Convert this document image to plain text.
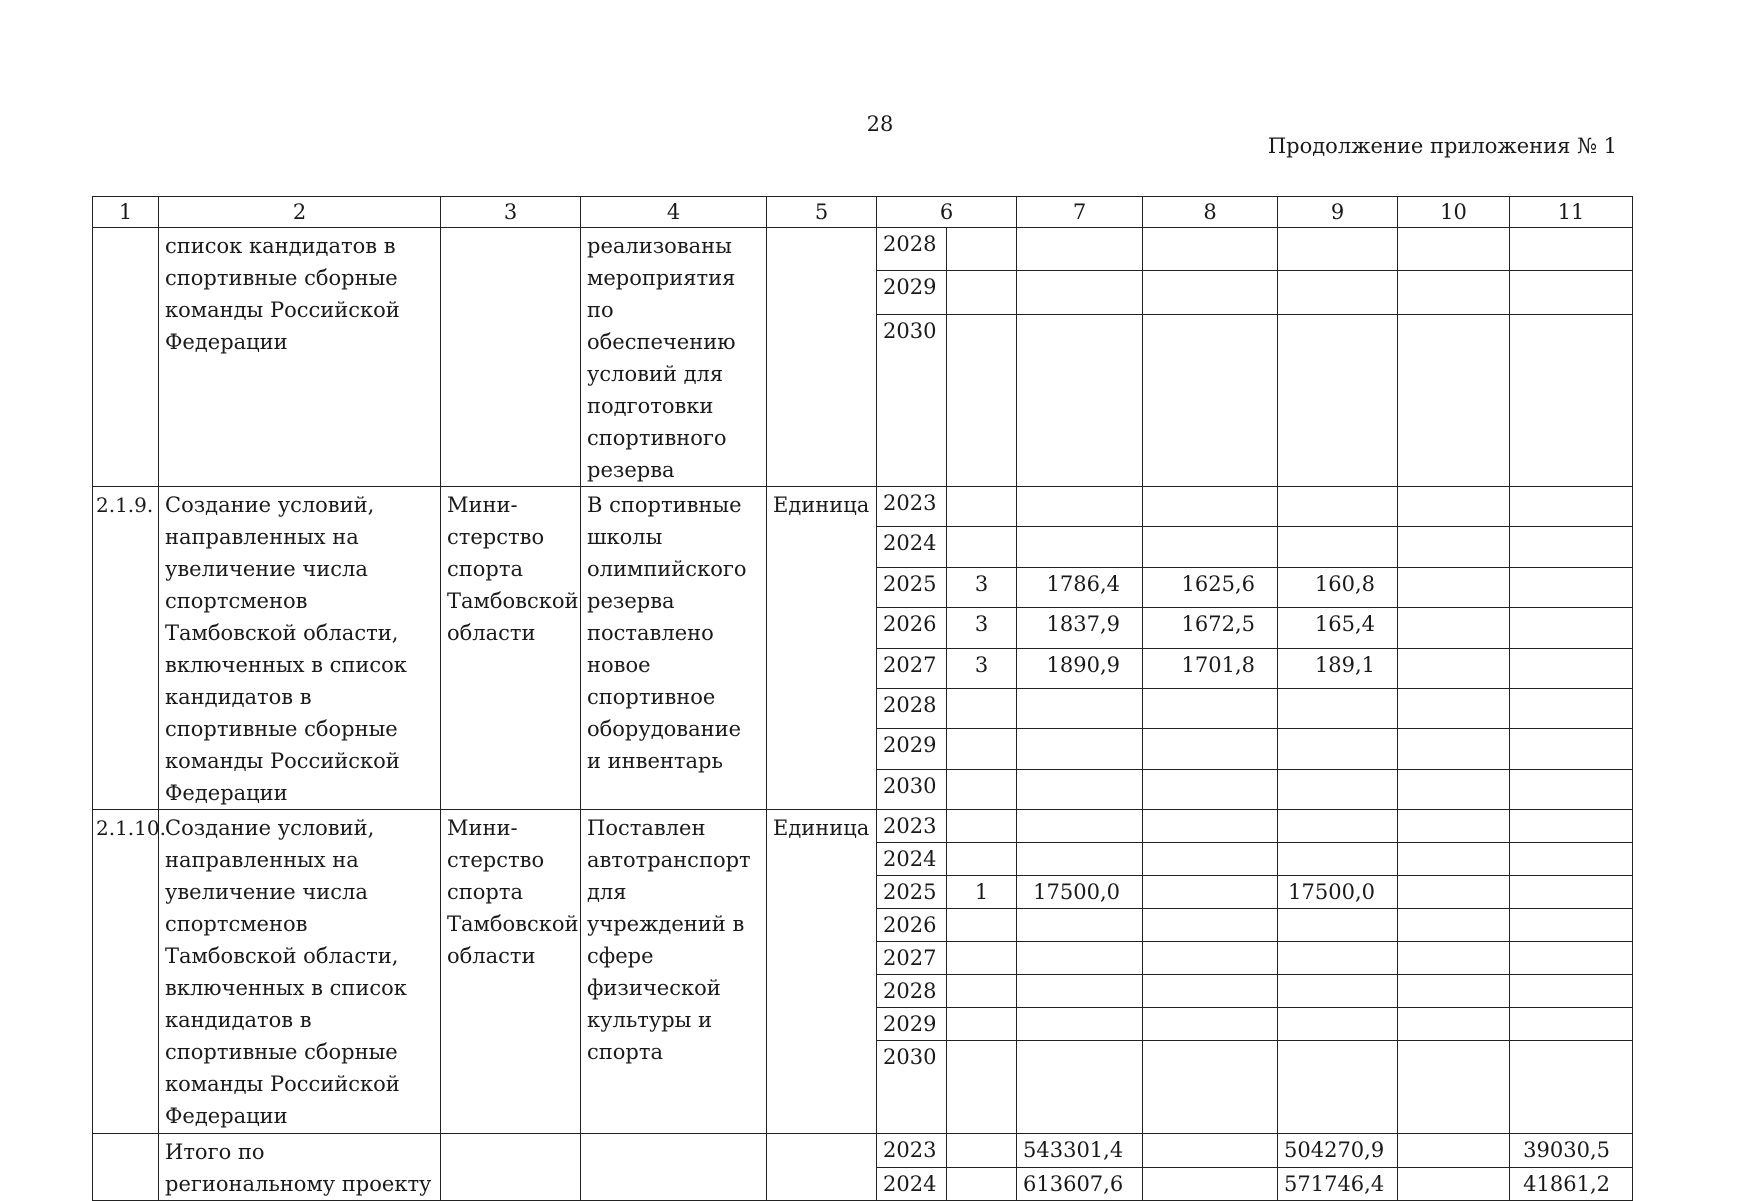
28
Продолжение приложения № 1
1	2	3	4	5	6		7	8	9	10	11
	список кандидатов в спортивные сборные команды Российской Федерации		реализованы мероприятия по обеспечению условий для подготовки спортивного резерва		2028						
					2029						
					2030						
2.1.9.	Создание условий, направленных на увеличение числа спортсменов Тамбовской области, включенных в список кандидатов в спортивные сборные команды Российской Федерации	Мини-стерство спорта Тамбовской области	В спортивные школы олимпийского резерва поставлено новое спортивное оборудование и инвентарь	Единица	2023						
					2024						
					2025	3	1786,4	1625,6	160,8		
					2026	3	1837,9	1672,5	165,4		
					2027	3	1890,9	1701,8	189,1		
					2028						
					2029						
					2030						
2.1.10.	Создание условий, направленных на увеличение числа спортсменов Тамбовской области, включенных в список кандидатов в спортивные сборные команды Российской Федерации	Мини-стерство спорта Тамбовской области	Поставлен автотранспорт для учреждений в сфере физической культуры и спорта	Единица	2023						
					2024						
					2025	1	17500,0		17500,0		
					2026						
					2027						
					2028						
					2029						
					2030						
	Итого по региональному проекту				2023		543301,4		504270,9		39030,5
					2024		613607,6		571746,4		41861,2
